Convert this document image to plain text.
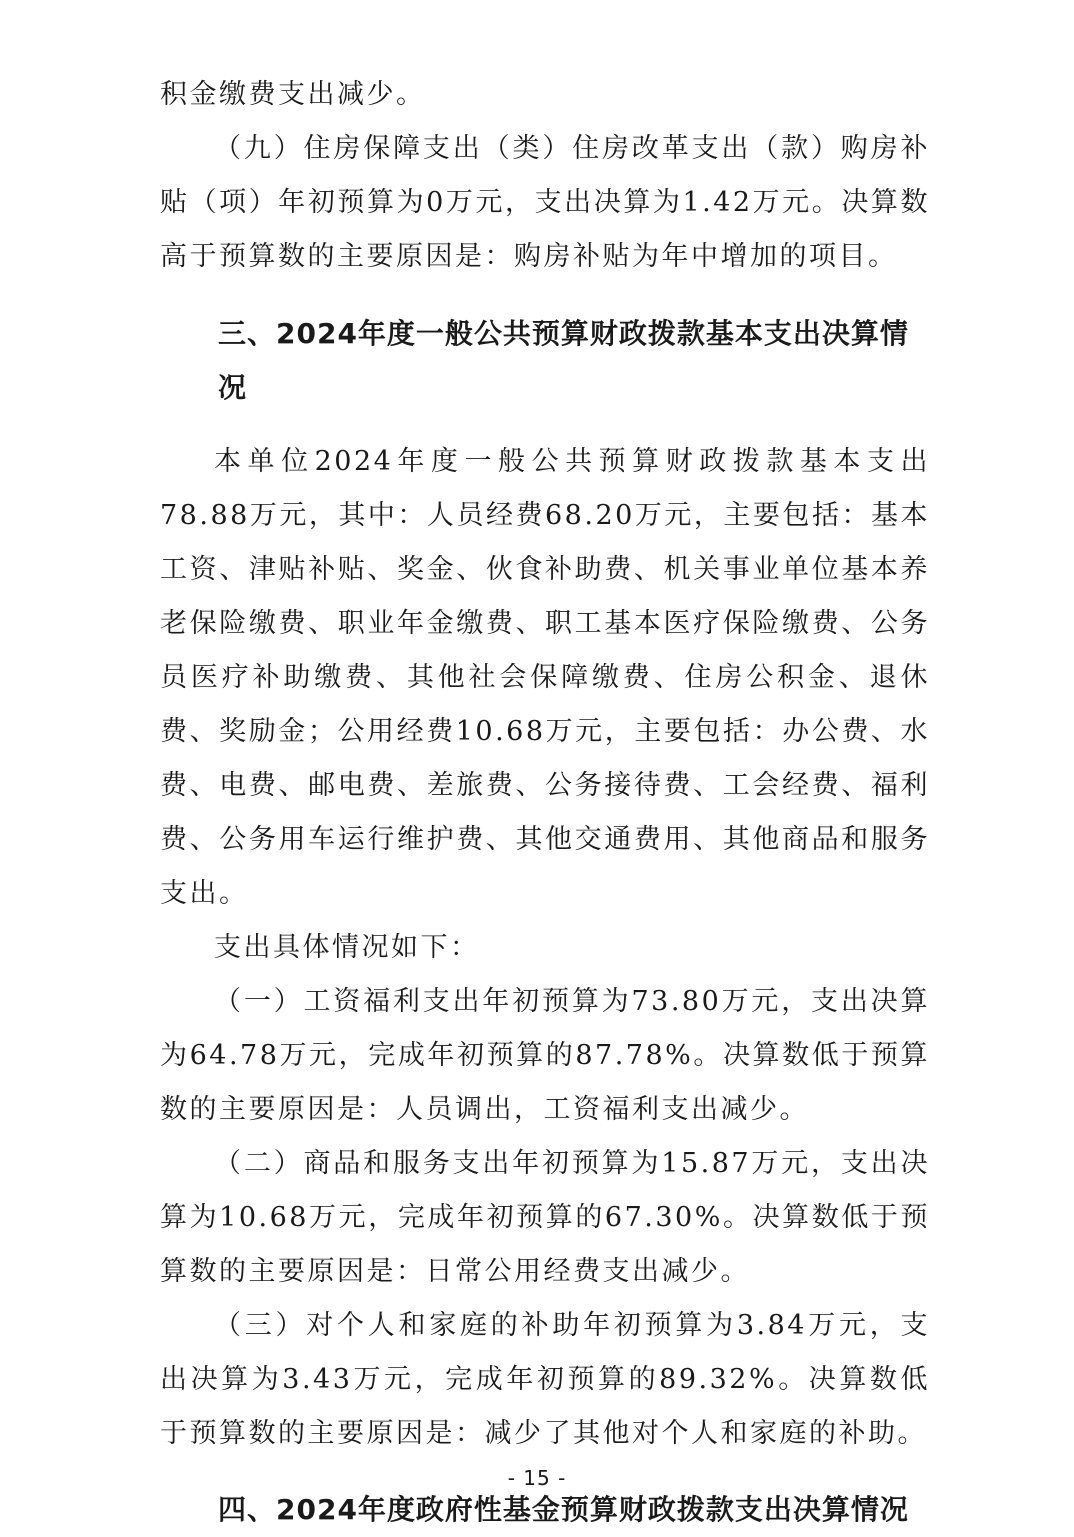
积金缴费支出减少。

（九）住房保障支出（类）住房改革支出（款）购房补贴（项）年初预算为0万元，支出决算为1.42万元。决算数高于预算数的主要原因是：购房补贴为年中增加的项目。

三、2024年度一般公共预算财政拨款基本支出决算情况

本单位2024年度一般公共预算财政拨款基本支出78.88万元，其中：人员经费68.20万元，主要包括：基本工资、津贴补贴、奖金、伙食补助费、机关事业单位基本养老保险缴费、职业年金缴费、职工基本医疗保险缴费、公务员医疗补助缴费、其他社会保障缴费、住房公积金、退休费、奖励金；公用经费10.68万元，主要包括：办公费、水费、电费、邮电费、差旅费、公务接待费、工会经费、福利费、公务用车运行维护费、其他交通费用、其他商品和服务支出。

支出具体情况如下：

（一）工资福利支出年初预算为73.80万元，支出决算为64.78万元，完成年初预算的87.78%。决算数低于预算数的主要原因是：人员调出，工资福利支出减少。

（二）商品和服务支出年初预算为15.87万元，支出决算为10.68万元，完成年初预算的67.30%。决算数低于预算数的主要原因是：日常公用经费支出减少。

（三）对个人和家庭的补助年初预算为3.84万元，支出决算为3.43万元，完成年初预算的89.32%。决算数低于预算数的主要原因是：减少了其他对个人和家庭的补助。

四、2024年度政府性基金预算财政拨款支出决算情况
- 15 -
